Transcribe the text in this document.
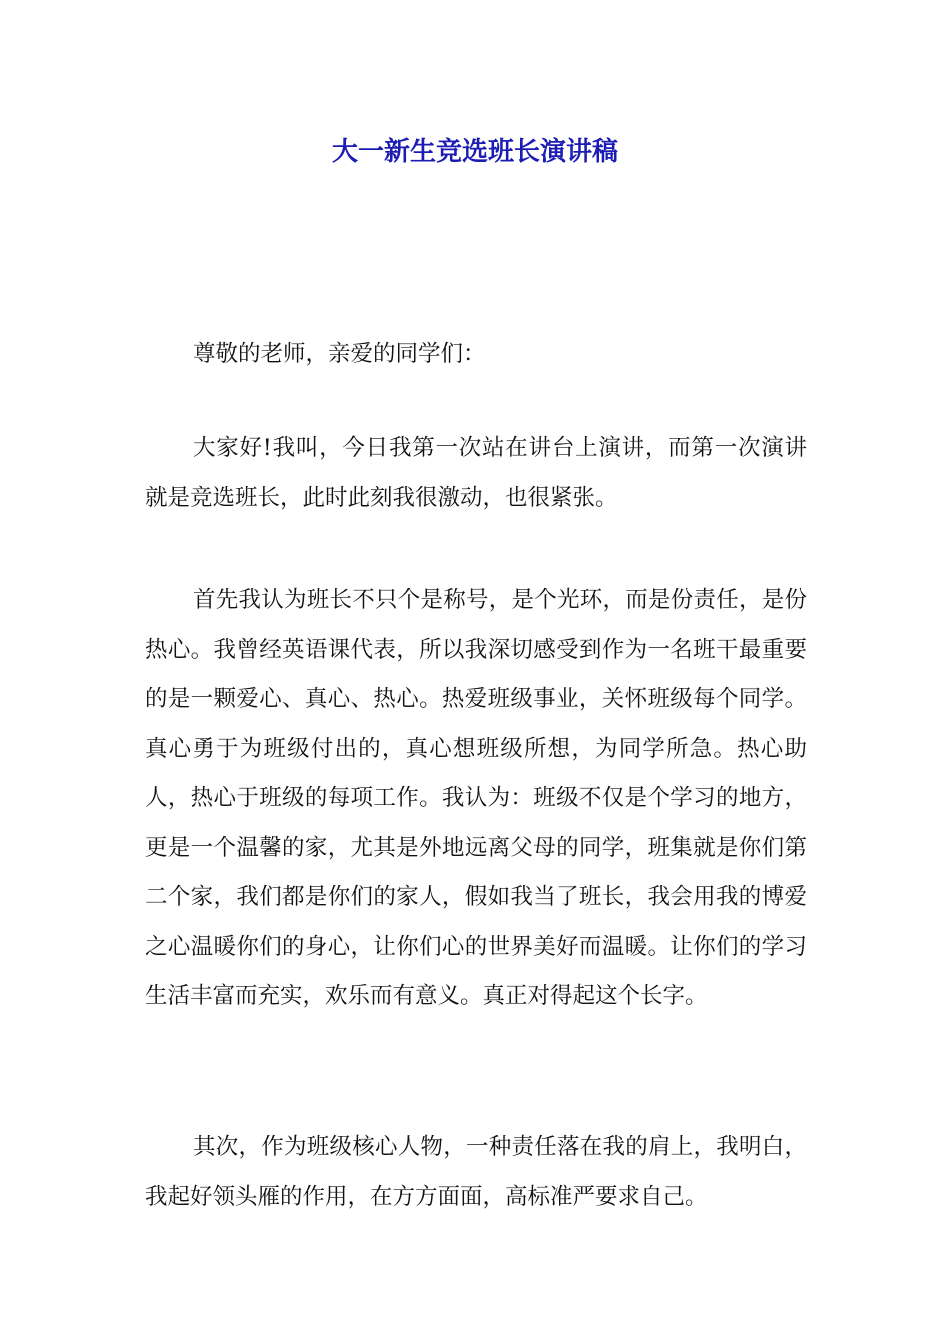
大一新生竞选班长演讲稿

尊敬的老师，亲爱的同学们：

大家好!我叫，今日我第一次站在讲台上演讲，而第一次演讲就是竞选班长，此时此刻我很激动，也很紧张。

首先我认为班长不只个是称号，是个光环，而是份责任，是份热心。我曾经英语课代表，所以我深切感受到作为一名班干最重要的是一颗爱心、真心、热心。热爱班级事业，关怀班级每个同学。真心勇于为班级付出的，真心想班级所想，为同学所急。热心助人，热心于班级的每项工作。我认为：班级不仅是个学习的地方，更是一个温馨的家，尤其是外地远离父母的同学，班集就是你们第二个家，我们都是你们的家人，假如我当了班长，我会用我的博爱之心温暖你们的身心，让你们心的世界美好而温暖。让你们的学习生活丰富而充实，欢乐而有意义。真正对得起这个长字。

其次，作为班级核心人物，一种责任落在我的肩上，我明白，我起好领头雁的作用，在方方面面，高标准严要求自己。
